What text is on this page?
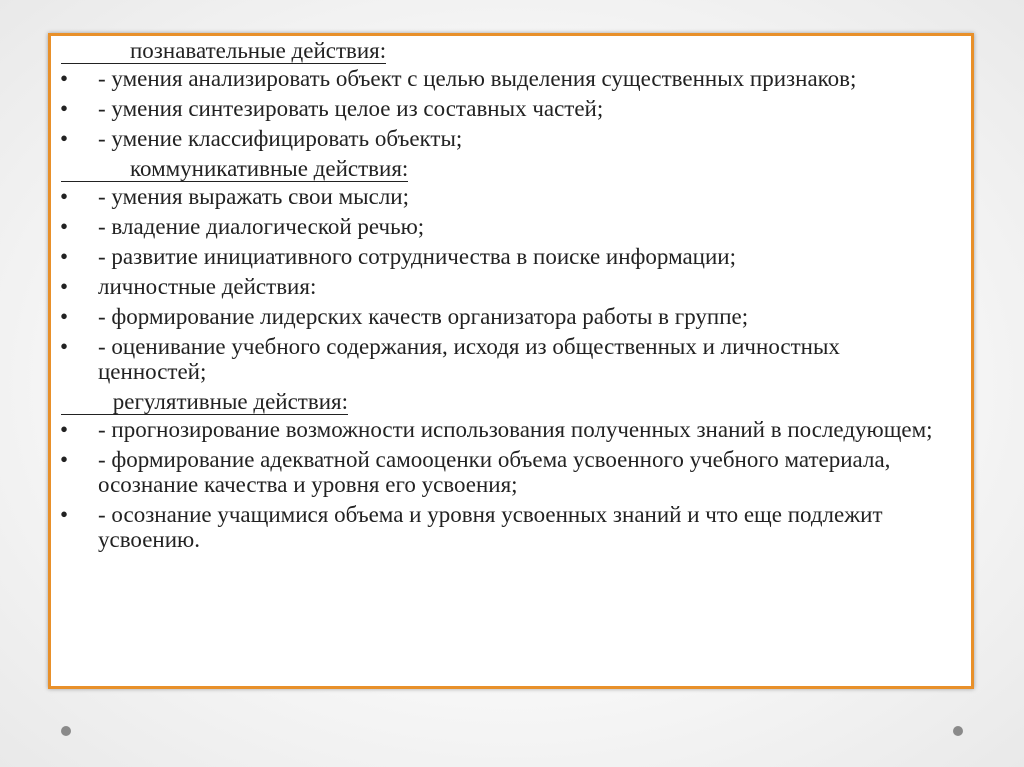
познавательные действия:
• - умения анализировать объект с целью выделения существенных признаков;
• - умения синтезировать целое из составных частей;
• - умение классифицировать объекты;
коммуникативные действия:
• - умения выражать свои мысли;
• - владение диалогической речью;
• - развитие инициативного сотрудничества в поиске информации;
• личностные действия:
• - формирование лидерских качеств организатора работы в группе;
• - оценивание учебного содержания, исходя из общественных и личностных ценностей;
регулятивные действия:
• - прогнозирование возможности использования полученных знаний в последующем;
• - формирование адекватной самооценки объема усвоенного учебного материала, осознание качества и уровня его усвоения;
• - осознание учащимися объема и уровня усвоенных знаний и что еще подлежит усвоению.
